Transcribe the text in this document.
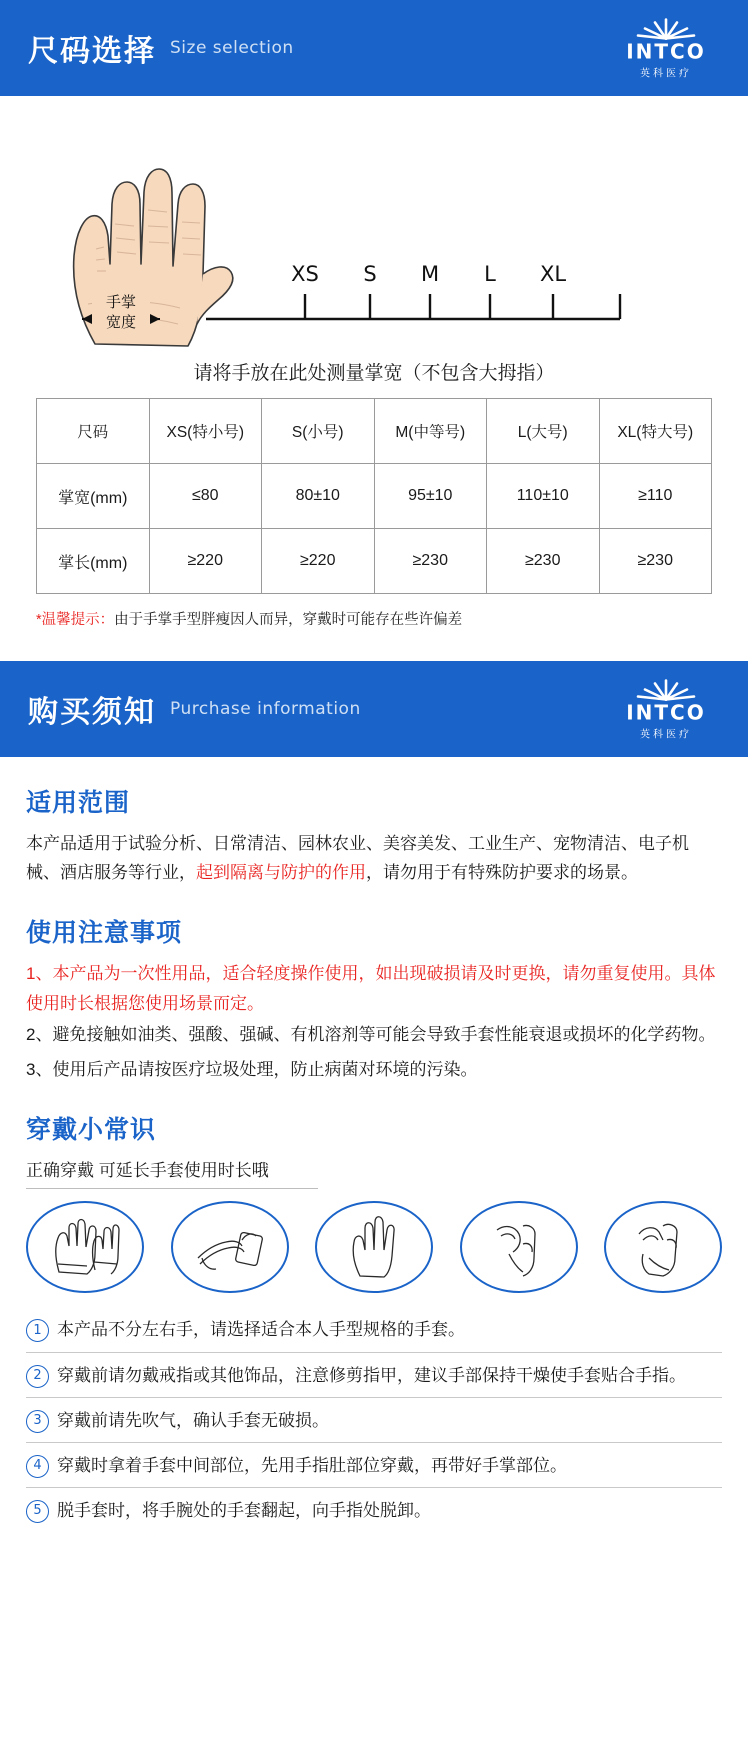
尺码选择 Size selection	INTCO
英科医疗
手掌
宽度
XS S M L XL
请将手放在此处测量掌宽（不包含大拇指）
尺码	XS(特小号)	S(小号)	M(中等号)	L(大号)	XL(特大号)
掌宽(mm)	≤80	80±10	95±10	110±10	≥110
掌长(mm)	≥220	≥220	≥230	≥230	≥230
*温馨提示：由于手掌手型胖瘦因人而异，穿戴时可能存在些许偏差
购买须知 Purchase information	INTCO
英科医疗
适用范围

本产品适用于试验分析、日常清洁、园林农业、美容美发、工业生产、宠物清洁、电子机械、酒店服务等行业，起到隔离与防护的作用，请勿用于有特殊防护要求的场景。

使用注意事项

1、本产品为一次性用品，适合轻度操作使用，如出现破损请及时更换，请勿重复使用。具体使用时长根据您使用场景而定。

2、避免接触如油类、强酸、强碱、有机溶剂等可能会导致手套性能衰退或损坏的化学药物。

3、使用后产品请按医疗垃圾处理，防止病菌对环境的污染。

穿戴小常识
正确穿戴 可延长手套使用时长哦
1 本产品不分左右手，请选择适合本人手型规格的手套。
2 穿戴前请勿戴戒指或其他饰品，注意修剪指甲，建议手部保持干燥使手套贴合手指。
3 穿戴前请先吹气，确认手套无破损。
4 穿戴时拿着手套中间部位，先用手指肚部位穿戴，再带好手掌部位。
5 脱手套时，将手腕处的手套翻起，向手指处脱卸。
